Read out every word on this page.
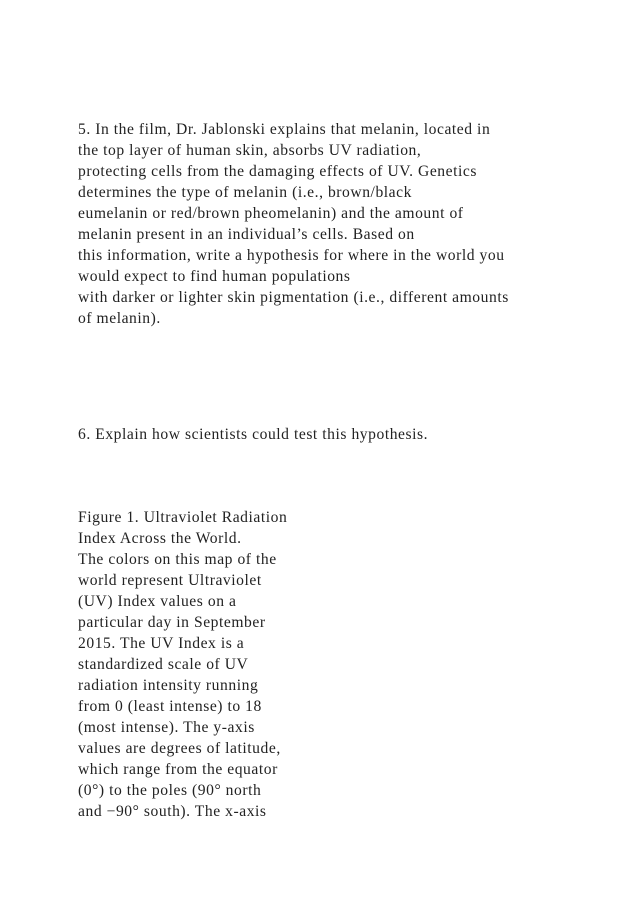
5. In the film, Dr. Jablonski explains that melanin, located in
the top layer of human skin, absorbs UV radiation,
protecting cells from the damaging effects of UV. Genetics
determines the type of melanin (i.e., brown/black
eumelanin or red/brown pheomelanin) and the amount of
melanin present in an individual’s cells. Based on
this information, write a hypothesis for where in the world you
would expect to find human populations
with darker or lighter skin pigmentation (i.e., different amounts
of melanin).
6. Explain how scientists could test this hypothesis.
Figure 1. Ultraviolet Radiation
Index Across the World.
The colors on this map of the
world represent Ultraviolet
(UV) Index values on a
particular day in September
2015. The UV Index is a
standardized scale of UV
radiation intensity running
from 0 (least intense) to 18
(most intense). The y-axis
values are degrees of latitude,
which range from the equator
(0°) to the poles (90° north
and −90° south). The x-axis
